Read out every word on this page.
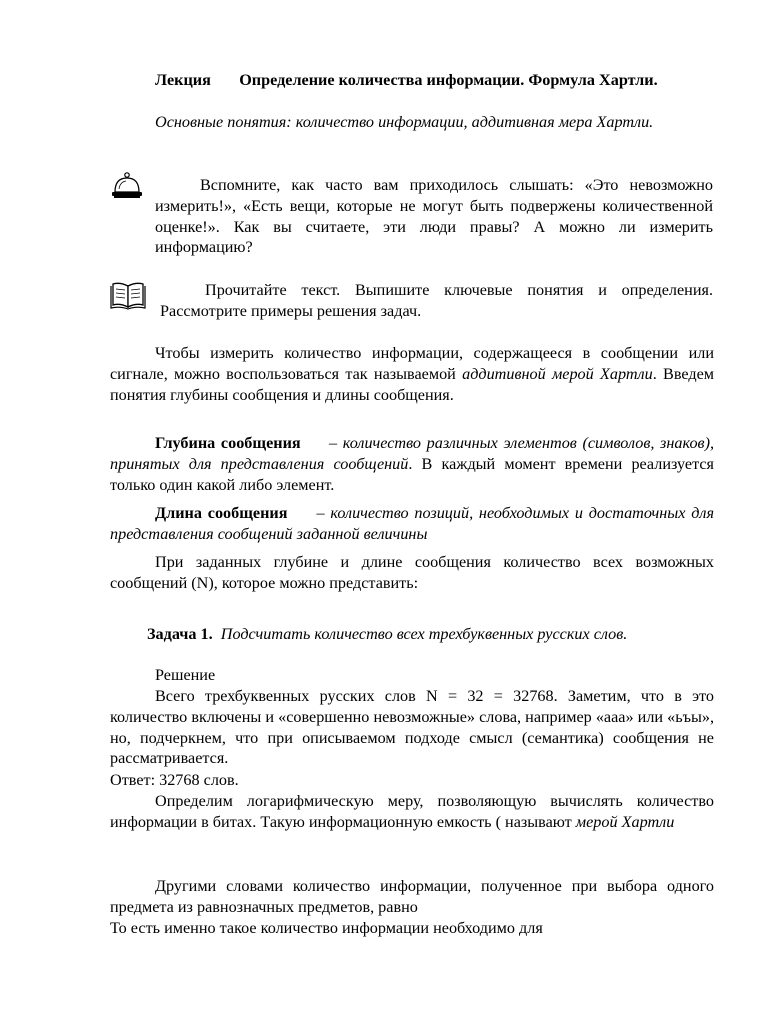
Лекция Определение количества информации. Формула Хартли.

Основные понятия: количество информации, аддитивная мера Хартли.

Вспомните, как часто вам приходилось слышать: «Это невозможно измерить!», «Есть вещи, которые не могут быть подвержены количественной оценке!». Как вы считаете, эти люди правы? А можно ли измерить информацию?

Прочитайте текст. Выпишите ключевые понятия и определения. Рассмотрите примеры решения задач.

Чтобы измерить количество информации, содержащееся в сообщении или сигнале, можно воспользоваться так называемой аддитивной мерой Хартли. Введем понятия глубины сообщения и длины сообщения.

Глубина сообщения – количество различных элементов (символов, знаков), принятых для представления сообщений. В каждый момент времени реализуется только один какой либо элемент.

Длина сообщения – количество позиций, необходимых и достаточных для представления сообщений заданной величины

При заданных глубине и длине сообщения количество всех возможных сообщений (N), которое можно представить:

Задача 1. Подсчитать количество всех трехбуквенных русских слов.

Решение

Всего трехбуквенных русских слов N = 32 = 32768. Заметим, что в это количество включены и «совершенно невозможные» слова, например «ааа» или «ьъы», но, подчеркнем, что при описываемом подходе смысл (семантика) сообщения не рассматривается.

Ответ: 32768 слов.

Определим логарифмическую меру, позволяющую вычислять количество информации в битах. Такую информационную емкость ( называют мерой Хартли

Другими словами количество информации, полученное при выбора одного предмета из равнозначных предметов, равно

То есть именно такое количество информации необходимо для
